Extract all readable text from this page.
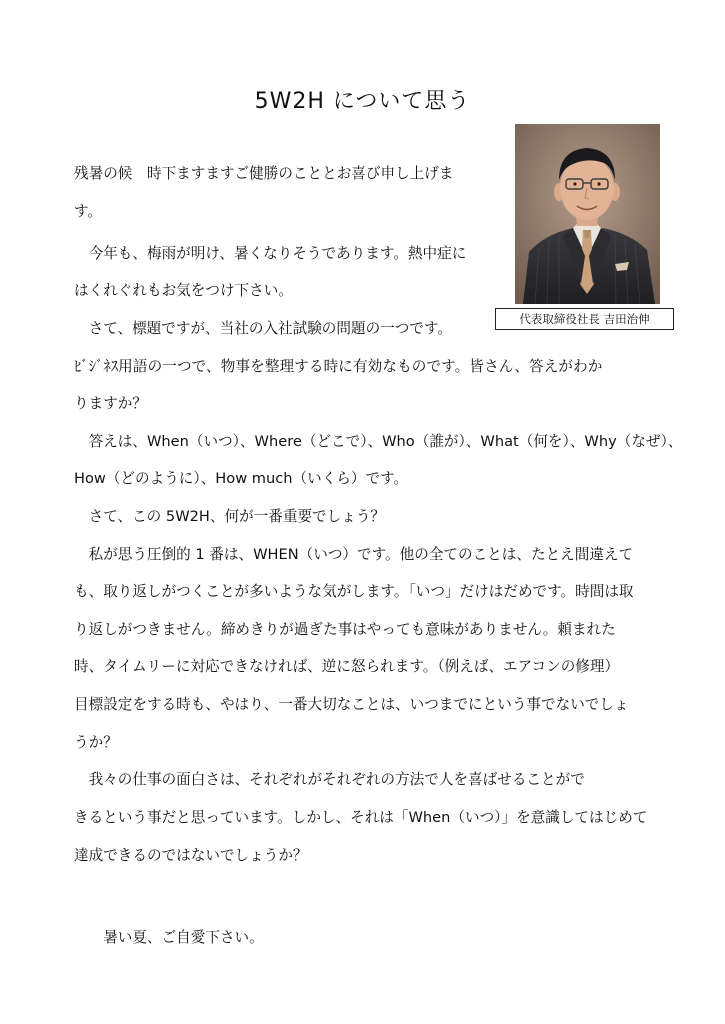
5W2H について思う
代表取締役社長 吉田治伸
残暑の候　時下ますますご健勝のこととお喜び申し上げま
す。
　今年も、梅雨が明け、暑くなりそうであります。熱中症に
はくれぐれもお気をつけ下さい。
　さて、標題ですが、当社の入社試験の問題の一つです。
ﾋﾞｼﾞﾈｽ用語の一つで、物事を整理する時に有効なものです。皆さん、答えがわか
りますか？
　答えは、When（いつ）、Where（どこで）、Who（誰が）、What（何を）、Why（なぜ）、
How（どのように）、How much（いくら）です。
　さて、この 5W2H、何が一番重要でしょう？
　私が思う圧倒的 1 番は、WHEN（いつ）です。他の全てのことは、たとえ間違えて
も、取り返しがつくことが多いような気がします。「いつ」だけはだめです。時間は取
り返しがつきません。締めきりが過ぎた事はやっても意味がありません。頼まれた
時、タイムリーに対応できなければ、逆に怒られます。（例えば、エアコンの修理）
目標設定をする時も、やはり、一番大切なことは、いつまでにという事でないでしょ
うか？
　我々の仕事の面白さは、それぞれがそれぞれの方法で人を喜ばせることがで
きるという事だと思っています。しかし、それは「When（いつ）」を意識してはじめて
達成できるのではないでしょうか？
　　暑い夏、ご自愛下さい。
